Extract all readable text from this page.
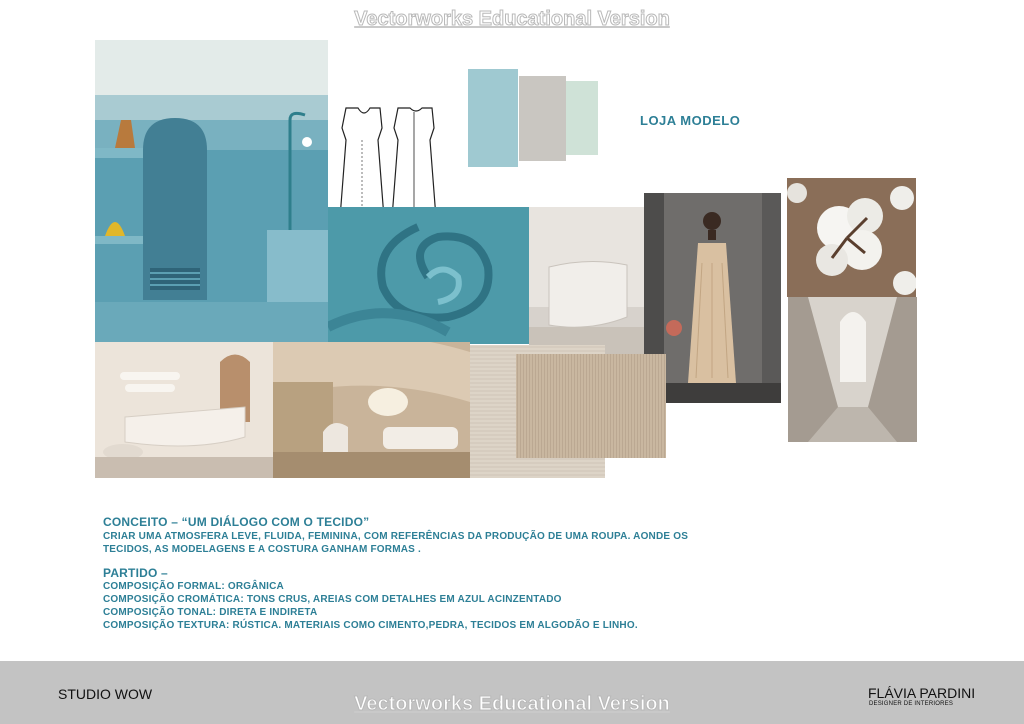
Vectorworks Educational Version
LOJA MODELO
CONCEITO – “UM DIÁLOGO COM O TECIDO”
CRIAR UMA ATMOSFERA LEVE, FLUIDA, FEMININA, COM REFERÊNCIAS DA PRODUÇÃO DE UMA ROUPA. AONDE OS
TECIDOS, AS MODELAGENS E A COSTURA GANHAM FORMAS .
PARTIDO –
COMPOSIÇÃO FORMAL: ORGÂNICA
COMPOSIÇÃO CROMÁTICA: TONS CRUS, AREIAS COM DETALHES EM AZUL ACINZENTADO
COMPOSIÇÃO TONAL: DIRETA E INDIRETA
COMPOSIÇÃO TEXTURA: RÚSTICA. MATERIAIS COMO CIMENTO,PEDRA, TECIDOS EM ALGODÃO E LINHO.
STUDIO WOW	FLÁVIA PARDINI
DESIGNER DE INTERIORES
Vectorworks Educational Version
